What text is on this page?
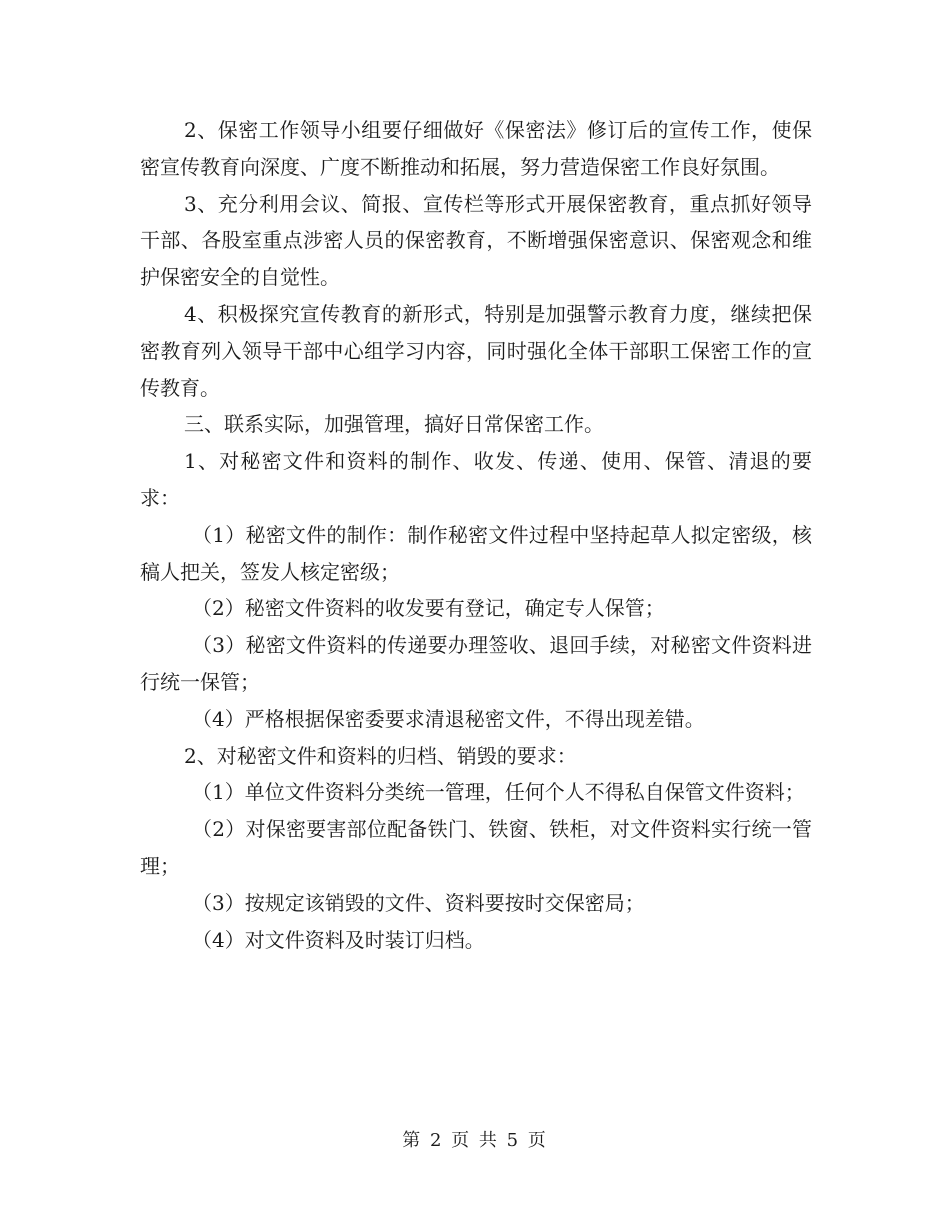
2、保密工作领导小组要仔细做好《保密法》修订后的宣传工作，使保密宣传教育向深度、广度不断推动和拓展，努力营造保密工作良好氛围。

3、充分利用会议、简报、宣传栏等形式开展保密教育，重点抓好领导干部、各股室重点涉密人员的保密教育，不断增强保密意识、保密观念和维护保密安全的自觉性。

4、积极探究宣传教育的新形式，特别是加强警示教育力度，继续把保密教育列入领导干部中心组学习内容，同时强化全体干部职工保密工作的宣传教育。

三、联系实际，加强管理，搞好日常保密工作。

1、对秘密文件和资料的制作、收发、传递、使用、保管、清退的要求：

（1）秘密文件的制作：制作秘密文件过程中坚持起草人拟定密级，核稿人把关，签发人核定密级；

（2）秘密文件资料的收发要有登记，确定专人保管；

（3）秘密文件资料的传递要办理签收、退回手续，对秘密文件资料进行统一保管；

（4）严格根据保密委要求清退秘密文件，不得出现差错。

2、对秘密文件和资料的归档、销毁的要求：

（1）单位文件资料分类统一管理，任何个人不得私自保管文件资料；

（2）对保密要害部位配备铁门、铁窗、铁柜，对文件资料实行统一管理；

（3）按规定该销毁的文件、资料要按时交保密局；

（4）对文件资料及时装订归档。

第 2 页 共 5 页
